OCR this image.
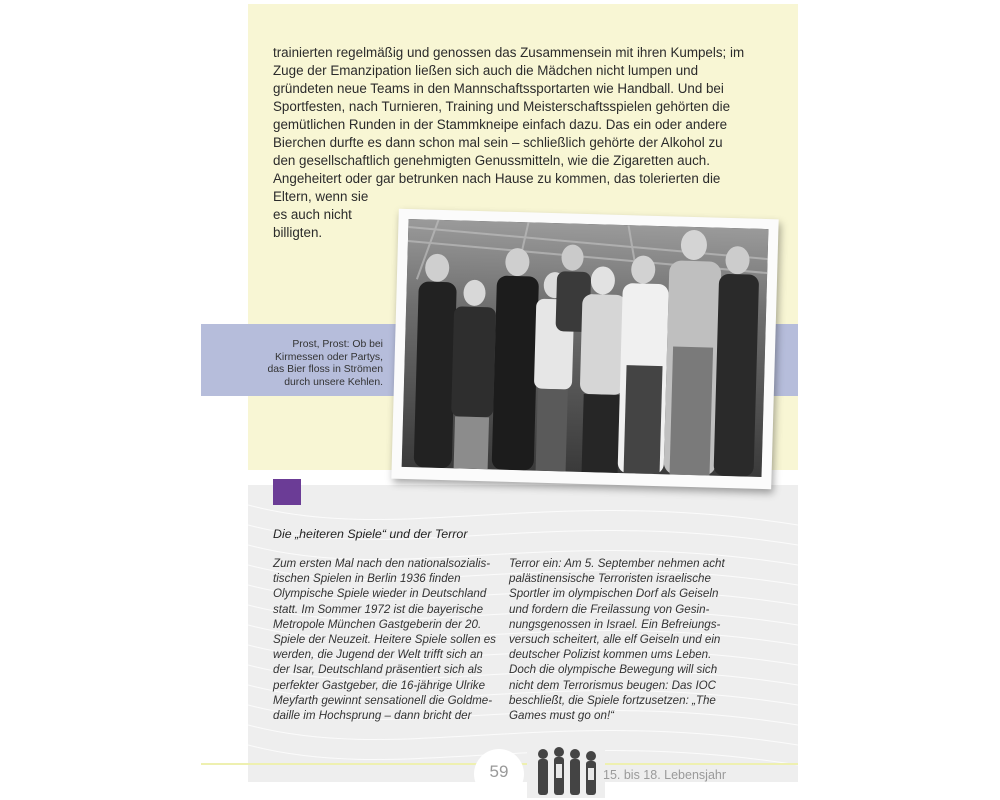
trainierten regelmäßig und genossen das Zusammensein mit ihren Kumpels; im
Zuge der Emanzipation ließen sich auch die Mädchen nicht lumpen und
gründeten neue Teams in den Mannschaftssportarten wie Handball. Und bei
Sportfesten, nach Turnieren, Training und Meisterschaftsspielen gehörten die
gemütlichen Runden in der Stammkneipe einfach dazu. Das ein oder andere
Bierchen durfte es dann schon mal sein – schließlich gehörte der Alkohol zu
den gesellschaftlich genehmigten Genussmitteln, wie die Zigaretten auch.
Angeheitert oder gar betrunken nach Hause zu kommen, das tolerierten die
Eltern, wenn sie
es auch nicht
billigten.
Prost, Prost: Ob bei
Kirmessen oder Partys,
das Bier floss in Strömen
durch unsere Kehlen.

Die „heiteren Spiele“ und der Terror

Zum ersten Mal nach den nationalsozialis-
tischen Spielen in Berlin 1936 finden
Olympische Spiele wieder in Deutschland
statt. Im Sommer 1972 ist die bayerische
Metropole München Gastgeberin der 20.
Spiele der Neuzeit. Heitere Spiele sollen es
werden, die Jugend der Welt trifft sich an
der Isar, Deutschland präsentiert sich als
perfekter Gastgeber, die 16-jährige Ulrike
Meyfarth gewinnt sensationell die Goldme-
daille im Hochsprung – dann bricht der
Terror ein: Am 5. September nehmen acht
palästinensische Terroristen israelische
Sportler im olympischen Dorf als Geiseln
und fordern die Freilassung von Gesin-
nungsgenossen in Israel. Ein Befreiungs-
versuch scheitert, alle elf Geiseln und ein
deutscher Polizist kommen ums Leben.
Doch die olympische Bewegung will sich
nicht dem Terrorismus beugen: Das IOC
beschließt, die Spiele fortzusetzen: „The
Games must go on!“

59	15. bis 18. Lebensjahr
